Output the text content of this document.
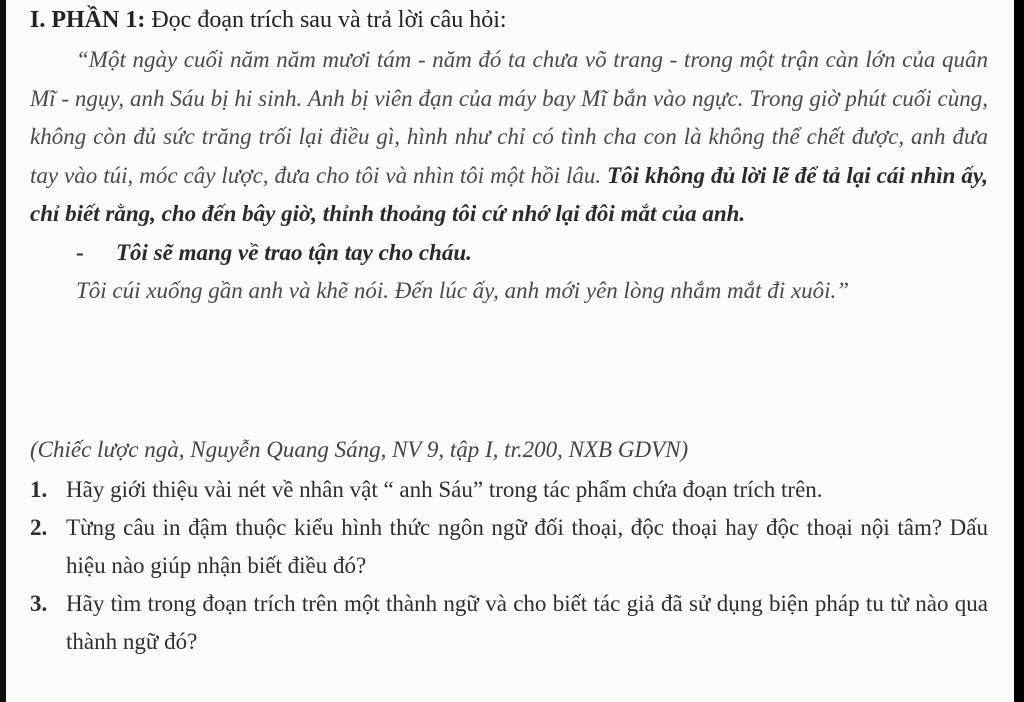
I. PHẦN 1: Đọc đoạn trích sau và trả lời câu hỏi:

“Một ngày cuối năm năm mươi tám - năm đó ta chưa võ trang - trong một trận càn lớn của quân Mĩ - ngụy, anh Sáu bị hi sinh. Anh bị viên đạn của máy bay Mĩ bắn vào ngực. Trong giờ phút cuối cùng, không còn đủ sức trăng trối lại điều gì, hình như chỉ có tình cha con là không thể chết được, anh đưa tay vào túi, móc cây lược, đưa cho tôi và nhìn tôi một hồi lâu. Tôi không đủ lời lẽ để tả lại cái nhìn ấy, chỉ biết rằng, cho đến bây giờ, thỉnh thoảng tôi cứ nhớ lại đôi mắt của anh.

- Tôi sẽ mang về trao tận tay cho cháu.

Tôi cúi xuống gần anh và khẽ nói. Đến lúc ấy, anh mới yên lòng nhắm mắt đi xuôi.”

(Chiếc lược ngà, Nguyễn Quang Sáng, NV 9, tập I, tr.200, NXB GDVN)
1. Hãy giới thiệu vài nét về nhân vật “ anh Sáu” trong tác phẩm chứa đoạn trích trên.
2. Từng câu in đậm thuộc kiểu hình thức ngôn ngữ đối thoại, độc thoại hay độc thoại nội tâm? Dấu hiệu nào giúp nhận biết điều đó?
3. Hãy tìm trong đoạn trích trên một thành ngữ và cho biết tác giả đã sử dụng biện pháp tu từ nào qua thành ngữ đó?
